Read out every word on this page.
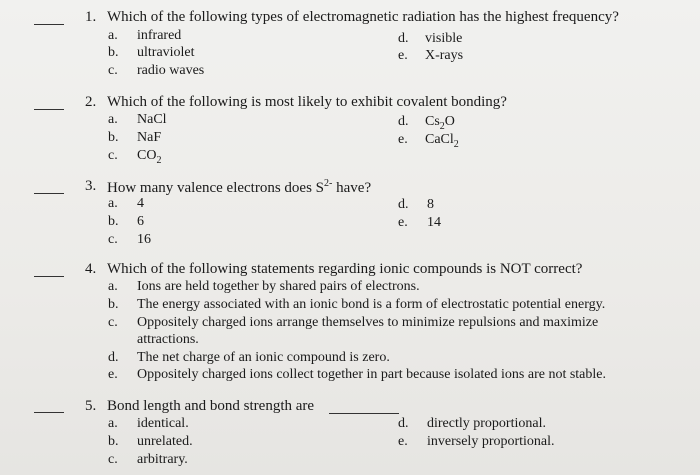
1. Which of the following types of electromagnetic radiation has the highest frequency?
a. infrared
b. ultraviolet
c. radio waves
d. visible
e. X-rays
2. Which of the following is most likely to exhibit covalent bonding?
a. NaCl
b. NaF
c. $CO_2$
d. $Cs_2O$
e. CaCl$_2$
3. How many valence electrons does $S^{2-}$ have?
a. 4
b. 6
c. 16
d. 8
e. 14
4. Which of the following statements regarding ionic compounds is NOT correct?
a. Ions are held together by shared pairs of electrons.
b. The energy associated with an ionic bond is a form of electrostatic potential energy.
c. Oppositely charged ions arrange themselves to minimize repulsions and maximize
attractions.
d. The net charge of an ionic compound is zero.
e. Oppositely charged ions collect together in part because isolated ions are not stable.
5. Bond length and bond strength are
a. identical.
b. unrelated.
c. arbitrary.
d. directly proportional.
e. inversely proportional.
